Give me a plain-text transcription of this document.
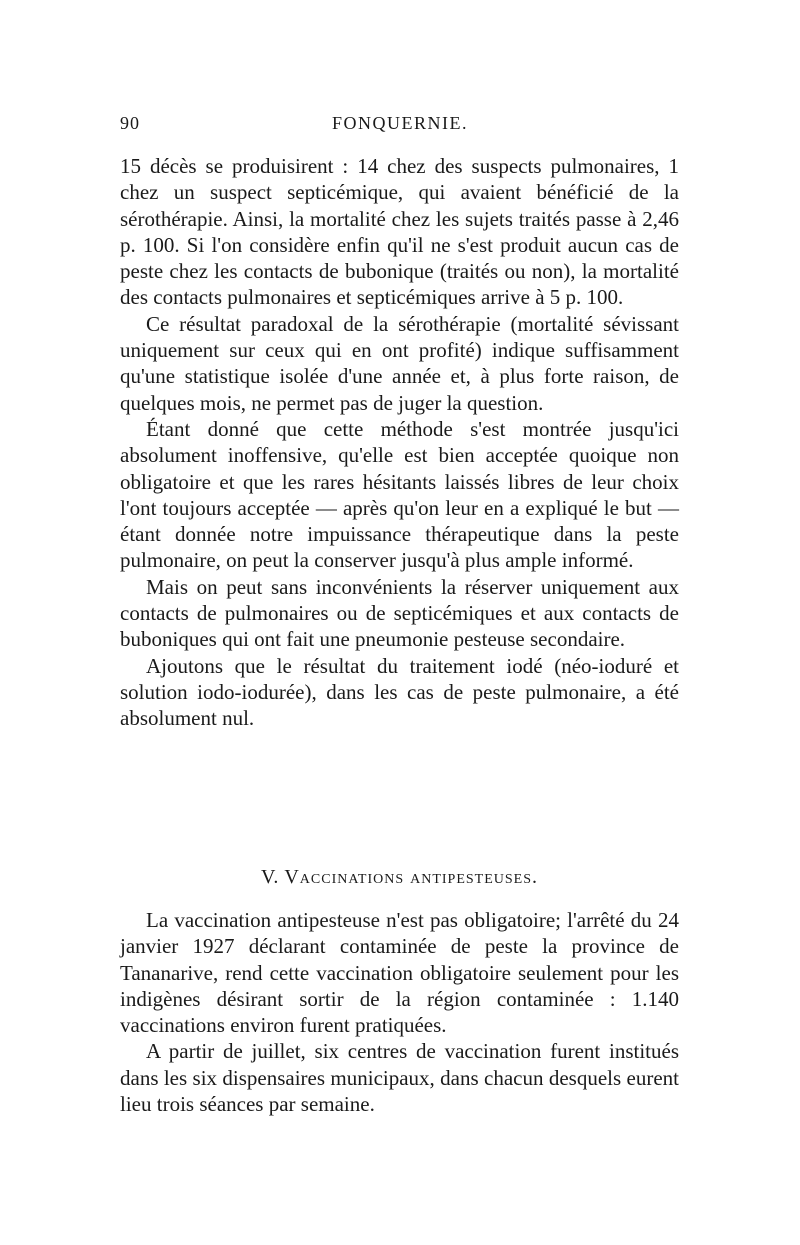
90	FONQUERNIE.

15 décès se produisirent : 14 chez des suspects pulmonaires, 1 chez un suspect septicémique, qui avaient bénéficié de la sérothérapie. Ainsi, la mortalité chez les sujets traités passe à 2,46 p. 100. Si l'on considère enfin qu'il ne s'est produit aucun cas de peste chez les contacts de bubonique (traités ou non), la mortalité des contacts pulmonaires et septicémiques arrive à 5 p. 100.

Ce résultat paradoxal de la sérothérapie (mortalité sévissant uniquement sur ceux qui en ont profité) indique suffisamment qu'une statistique isolée d'une année et, à plus forte raison, de quelques mois, ne permet pas de juger la question.

Étant donné que cette méthode s'est montrée jusqu'ici absolument inoffensive, qu'elle est bien acceptée quoique non obligatoire et que les rares hésitants laissés libres de leur choix l'ont toujours acceptée — après qu'on leur en a expliqué le but — étant donnée notre impuissance thérapeutique dans la peste pulmonaire, on peut la conserver jusqu'à plus ample informé.

Mais on peut sans inconvénients la réserver uniquement aux contacts de pulmonaires ou de septicémiques et aux contacts de buboniques qui ont fait une pneumonie pesteuse secondaire.

Ajoutons que le résultat du traitement iodé (néo-ioduré et solution iodo-iodurée), dans les cas de peste pulmonaire, a été absolument nul.

V. Vaccinations antipesteuses.

La vaccination antipesteuse n'est pas obligatoire; l'arrêté du 24 janvier 1927 déclarant contaminée de peste la province de Tananarive, rend cette vaccination obligatoire seulement pour les indigènes désirant sortir de la région contaminée : 1.140 vaccinations environ furent pratiquées.

A partir de juillet, six centres de vaccination furent institués dans les six dispensaires municipaux, dans chacun desquels eurent lieu trois séances par semaine.
